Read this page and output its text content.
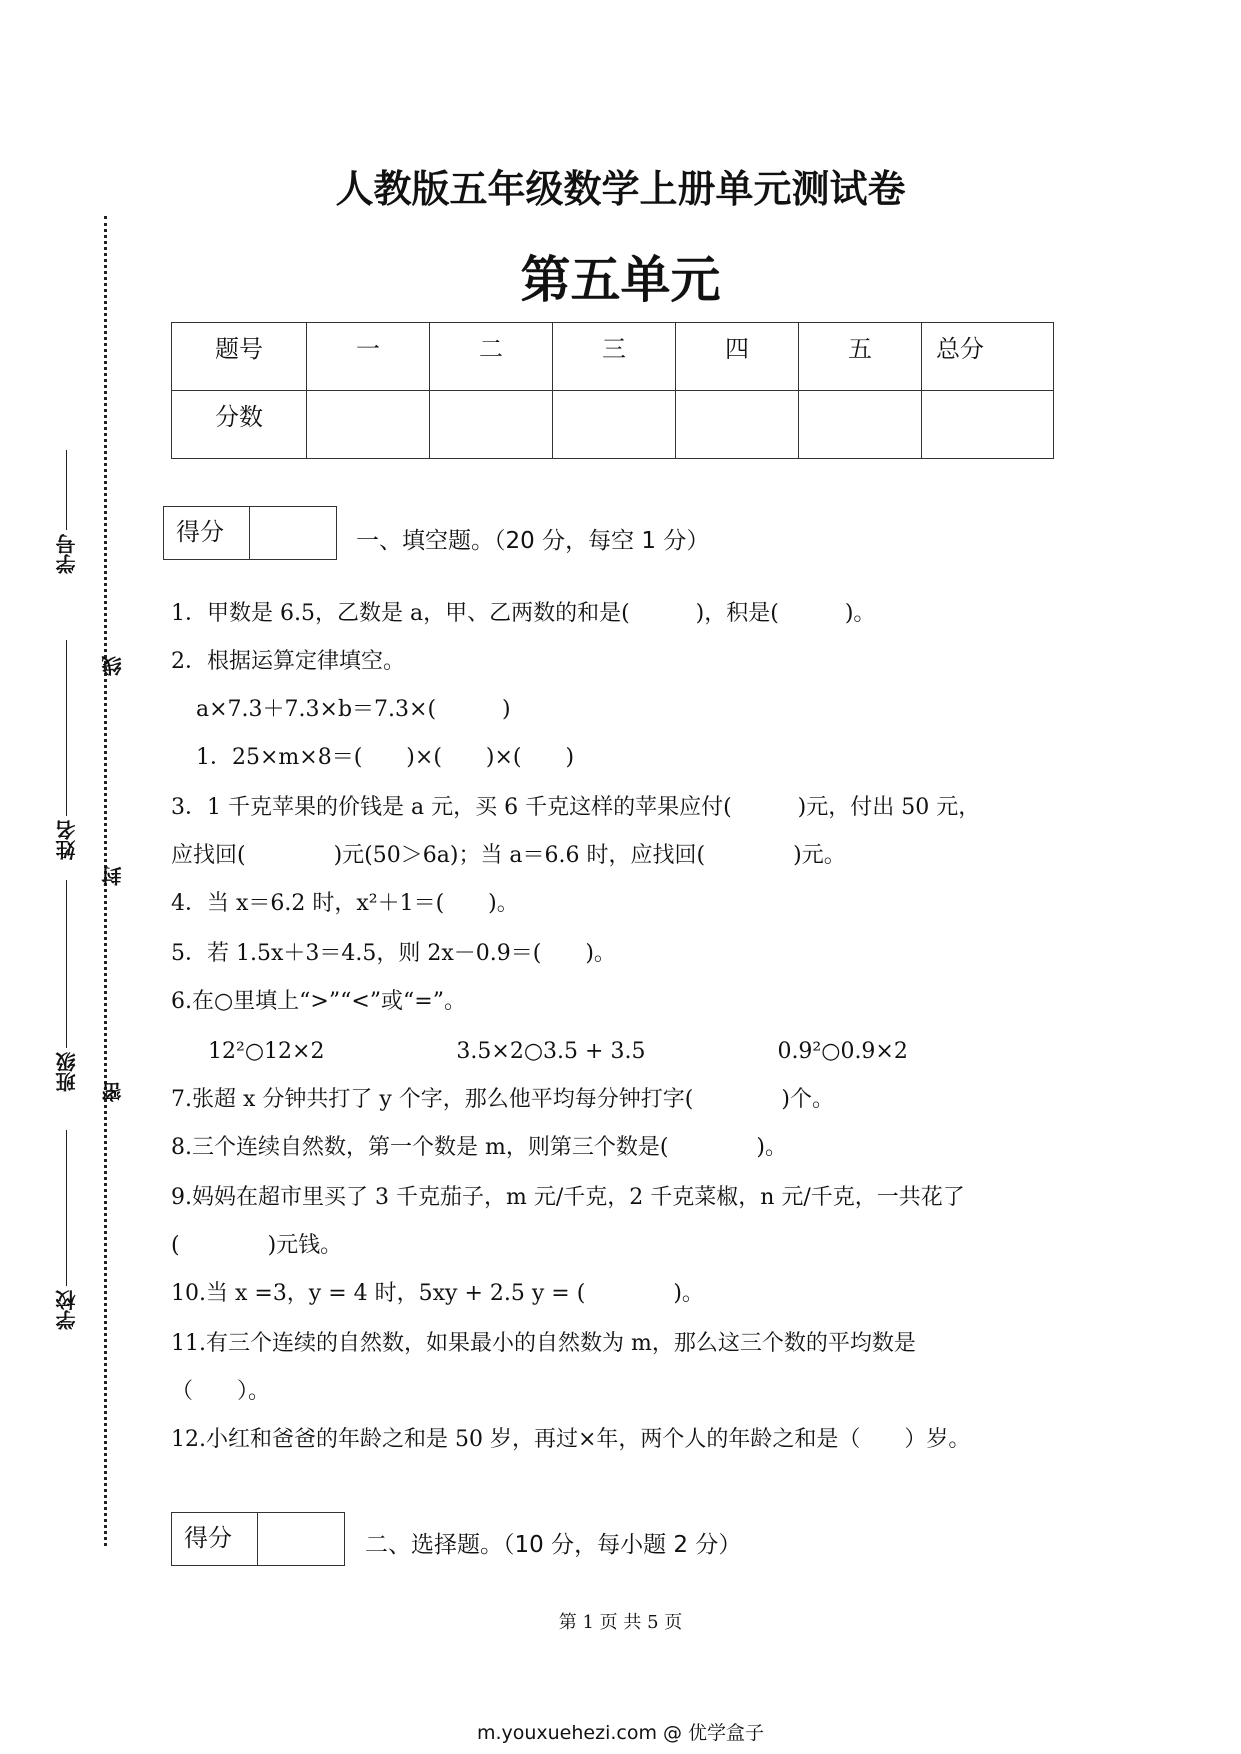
学号
姓名
班级
学校
线
封
密
人教版五年级数学上册单元测试卷
第五单元
题号	一	二	三	四	五	总分
分数						
得分	一、填空题。（20 分，每空 1 分）
1．甲数是 6.5，乙数是 a，甲、乙两数的和是(　　　)，积是(　　　)。
2．根据运算定律填空。
a×7.3＋7.3×b＝7.3×(　　　)
1．25×m×8＝(　　)×(　　)×(　　)
3．1 千克苹果的价钱是 a 元，买 6 千克这样的苹果应付(　　　)元，付出 50 元，
应找回(　　　　)元(50＞6a)；当 a＝6.6 时，应找回(　　　　)元。
4．当 x＝6.2 时，x²＋1＝(　　)。
5．若 1.5x＋3＝4.5，则 2x－0.9＝(　　)。
6.在○里填上“>”“<”或“=”。
12²○12×2　　　　　　3.5×2○3.5 + 3.5　　　　　　0.9²○0.9×2
7.张超 x 分钟共打了 y 个字，那么他平均每分钟打字(　　　　)个。
8.三个连续自然数，第一个数是 m，则第三个数是(　　　　)。
9.妈妈在超市里买了 3 千克茄子，m 元/千克，2 千克菜椒，n 元/千克，一共花了
(　　　　)元钱。
10.当 x =3，y = 4 时，5xy + 2.5 y = (　　　　)。
11.有三个连续的自然数，如果最小的自然数为 m，那么这三个数的平均数是
（　　）。
12.小红和爸爸的年龄之和是 50 岁，再过×年，两个人的年龄之和是（　　）岁。
得分	二、选择题。（10 分，每小题 2 分）
第 1 页 共 5 页
m.youxuehezi.com @ 优学盒子
